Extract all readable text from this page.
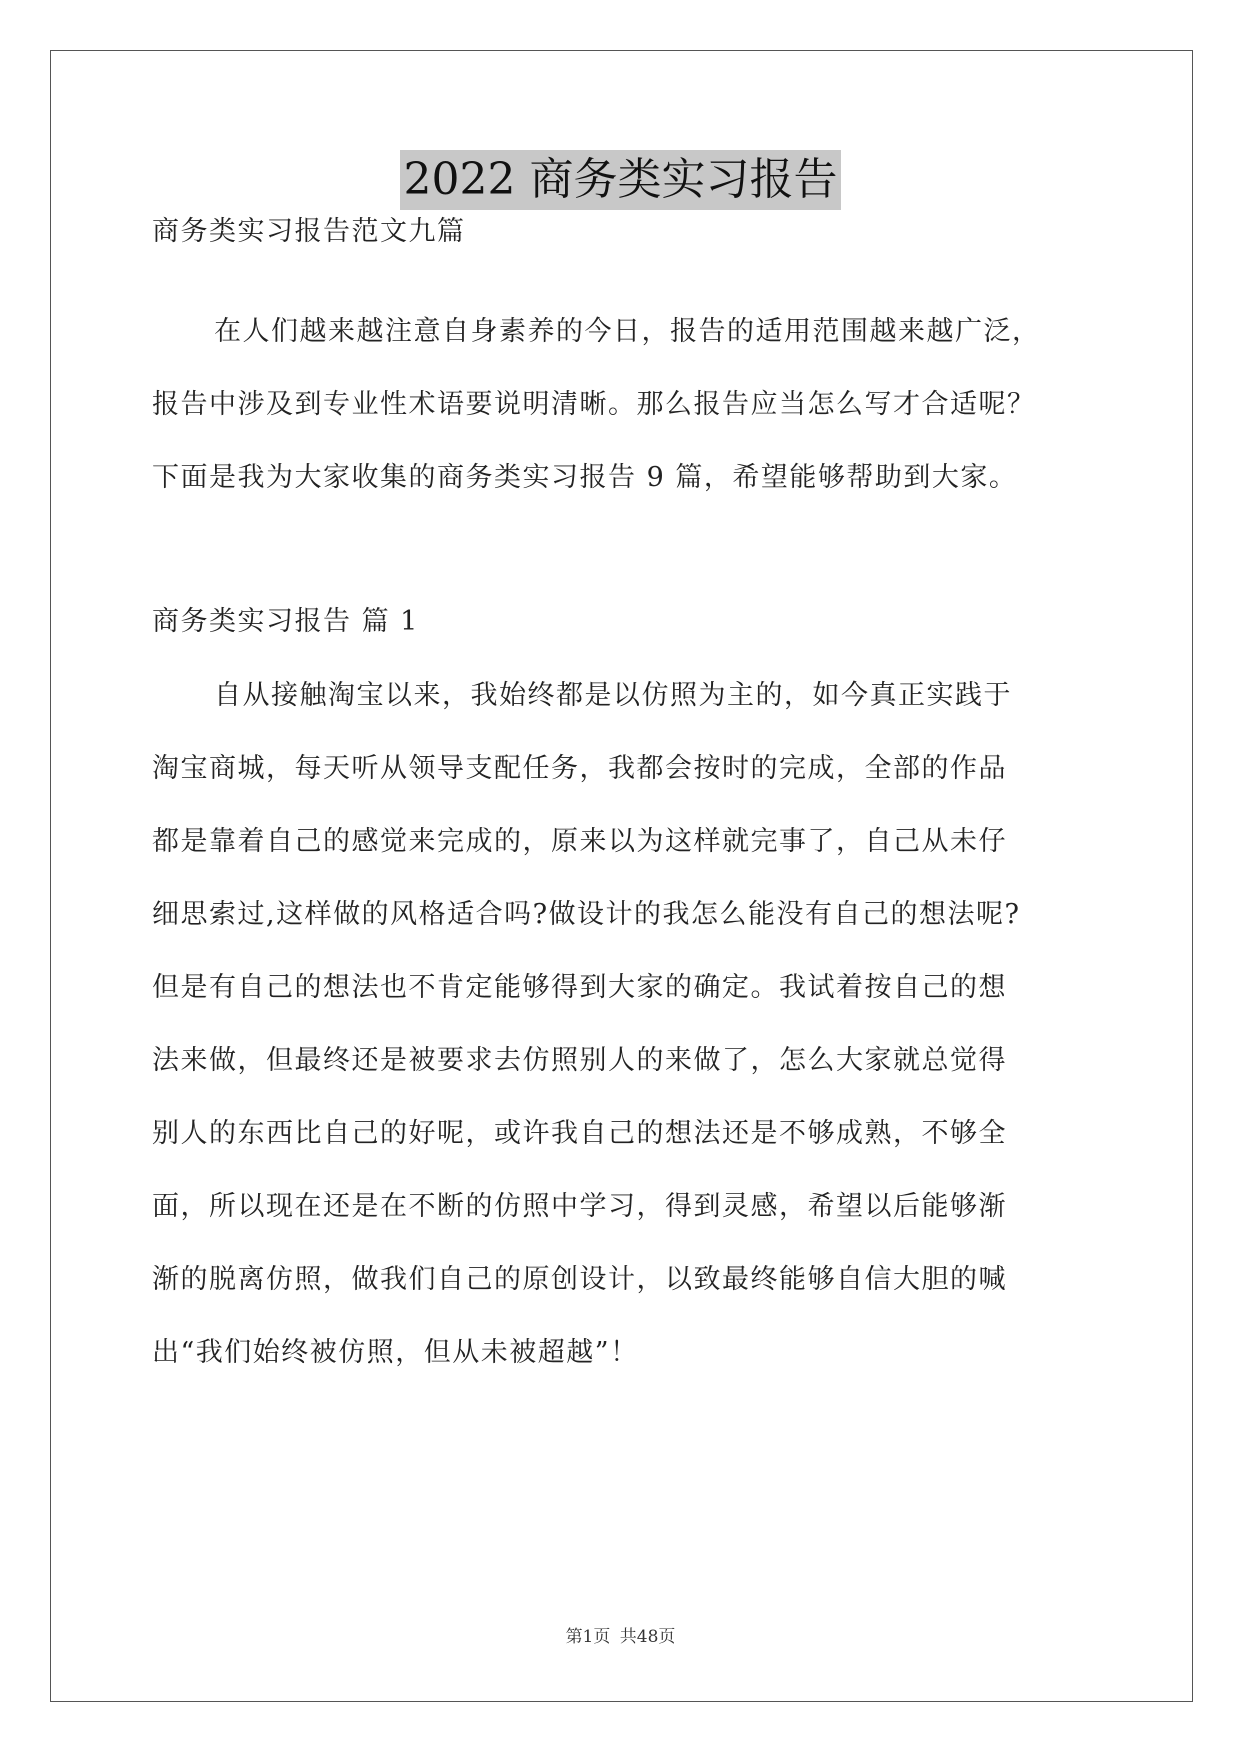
2022 商务类实习报告
商务类实习报告范文九篇
在人们越来越注意自身素养的今日，报告的适用范围越来越广泛，
报告中涉及到专业性术语要说明清晰。那么报告应当怎么写才合适呢？
下面是我为大家收集的商务类实习报告 9 篇，希望能够帮助到大家。
商务类实习报告 篇 1
自从接触淘宝以来，我始终都是以仿照为主的，如今真正实践于
淘宝商城，每天听从领导支配任务，我都会按时的完成，全部的作品
都是靠着自己的感觉来完成的，原来以为这样就完事了，自己从未仔
细思索过,这样做的风格适合吗?做设计的我怎么能没有自己的想法呢?
但是有自己的想法也不肯定能够得到大家的确定。我试着按自己的想
法来做，但最终还是被要求去仿照别人的来做了，怎么大家就总觉得
别人的东西比自己的好呢，或许我自己的想法还是不够成熟，不够全
面，所以现在还是在不断的仿照中学习，得到灵感，希望以后能够渐
渐的脱离仿照，做我们自己的原创设计，以致最终能够自信大胆的喊
出“我们始终被仿照，但从未被超越”！
第1页 共48页
